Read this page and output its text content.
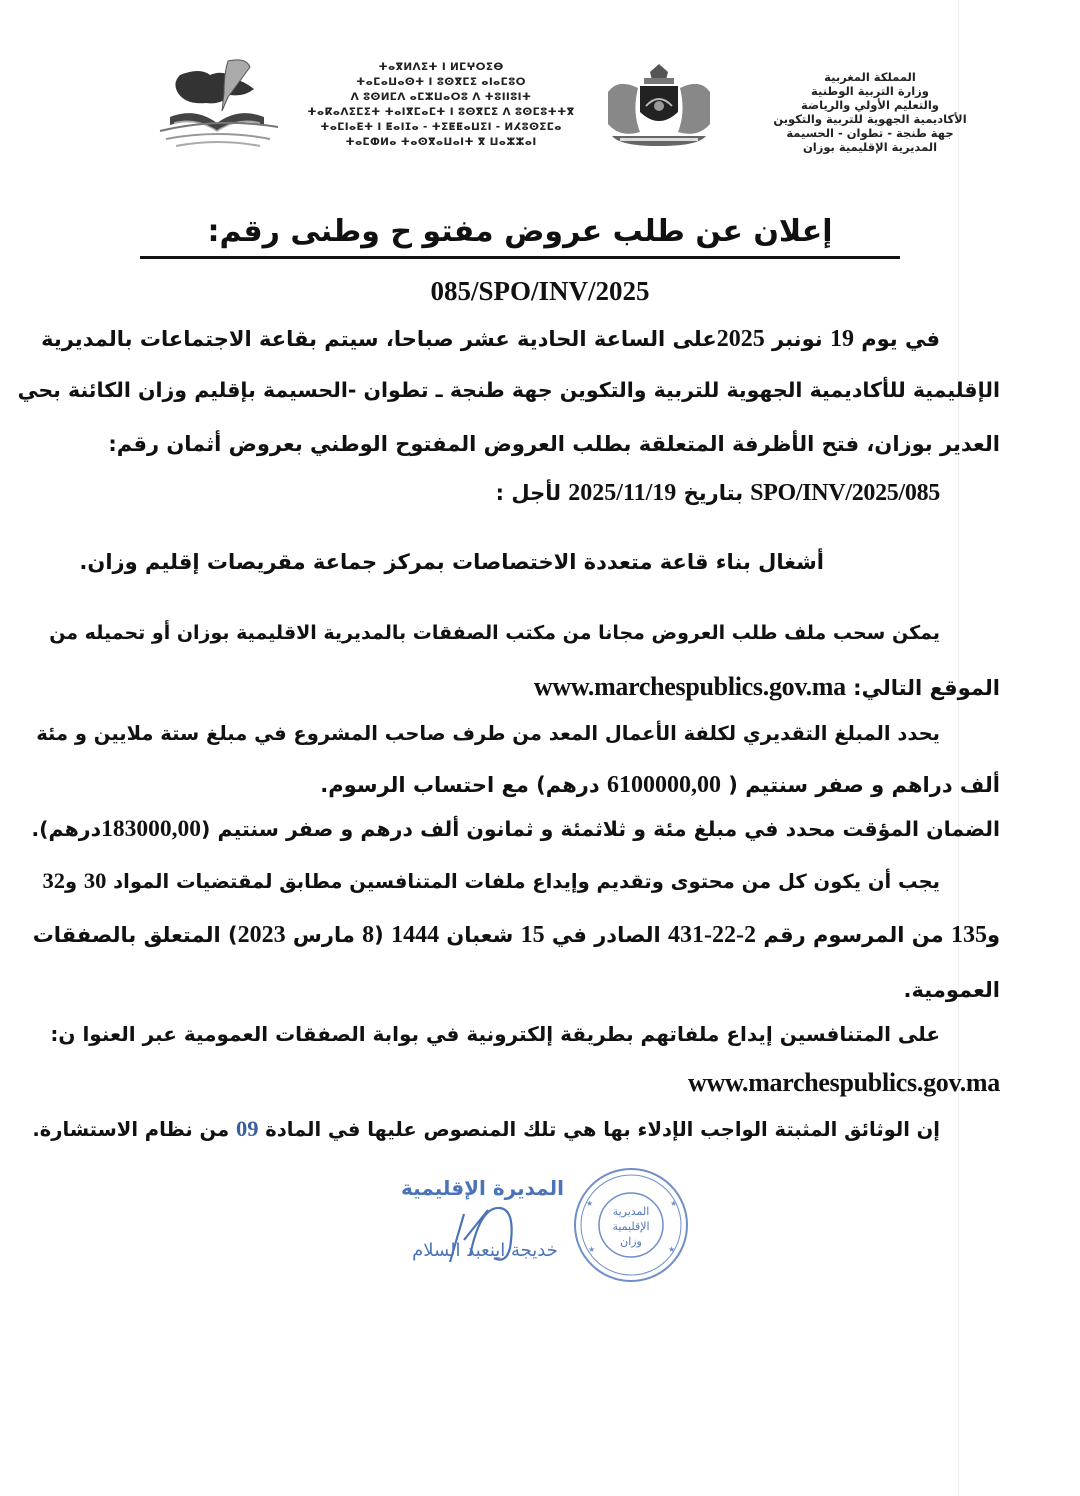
المملكة المغربية
وزارة التربية الوطنية
والتعليم الأولي والرياضة
الأكاديمية الجهوية للتربية والتكوين
جهة طنجة - تطوان - الحسيمة
المديرية الإقليمية بوزان
ⵜⴰⴳⵍⴷⵉⵜ ⵏ ⵍⵎⵖⵔⵉⴱ
ⵜⴰⵎⴰⵡⴰⵙⵜ ⵏ ⵓⵙⴳⵎⵉ ⴰⵏⴰⵎⵓⵔ
ⴷ ⵓⵙⵍⵎⴷ ⴰⵎⵣⵡⴰⵔⵓ ⴷ ⵜⵓⵏⵏⵓⵏⵜ
ⵜⴰⴽⴰⴷⵉⵎⵉⵜ ⵜⴰⵏⴳⵎⴰⵎⵜ ⵏ ⵓⵙⴳⵎⵉ ⴷ ⵓⵙⵎⵓⵜⵜⴳ
ⵜⴰⵎⵏⴰⴹⵜ ⵏ ⵟⴰⵏⵊⴰ - ⵜⵉⵟⵟⴰⵡⵉⵏ - ⵍⵃⵓⵙⵉⵎⴰ
ⵜⴰⵎⵀⵍⴰ ⵜⴰⵙⴳⴰⵡⴰⵏⵜ ⴳ ⵡⴰⵣⵣⴰⵏ
إعلان عن طلب عروض مفتو ح وطنى رقم:
085/SPO/INV/2025
في يوم 19 نونبر 2025على الساعة الحادية عشر صباحا، سيتم بقاعة الاجتماعات بالمديرية
الإقليمية للأكاديمية الجهوية للتربية والتكوين جهة طنجة ـ تطوان -الحسيمة بإقليم وزان الكائنة بحي
العدير بوزان، فتح الأظرفة المتعلقة بطلب العروض المفتوح الوطني بعروض أثمان رقم:
085/SPO/INV/2025 بتاريخ 2025/11/19 لأجل :
أشغال بناء قاعة متعددة الاختصاصات بمركز جماعة مقريصات إقليم وزان.
يمكن سحب ملف طلب العروض مجانا من مكتب الصفقات بالمديرية الاقليمية بوزان أو تحميله من
الموقع التالي: www.marchespublics.gov.ma
يحدد المبلغ التقديري لكلفة الأعمال المعد من طرف صاحب المشروع في مبلغ ستة ملايين و مئة
ألف دراهم و صفر سنتيم ( 6100000,00 درهم) مع احتساب الرسوم.
الضمان المؤقت محدد في مبلغ مئة و ثلاثمئة و ثمانون ألف درهم و صفر سنتيم (183000,00درهم).
يجب أن يكون كل من محتوى وتقديم وإيداع ملفات المتنافسين مطابق لمقتضيات المواد 30 و32
و135 من المرسوم رقم 2-22-431 الصادر في 15 شعبان 1444 (8 مارس 2023) المتعلق بالصفقات
العمومية.
على المتنافسين إيداع ملفاتهم بطريقة إلكترونية في بوابة الصفقات العمومية عبر العنوا ن:
www.marchespublics.gov.ma
إن الوثائق المثبتة الواجب الإدلاء بها هي تلك المنصوص عليها في المادة 09 من نظام الاستشارة.
المديرة الإقليمية
خديجة اينعبد السلام
★	★
★	★
المديرية
الإقليمية
وزان
